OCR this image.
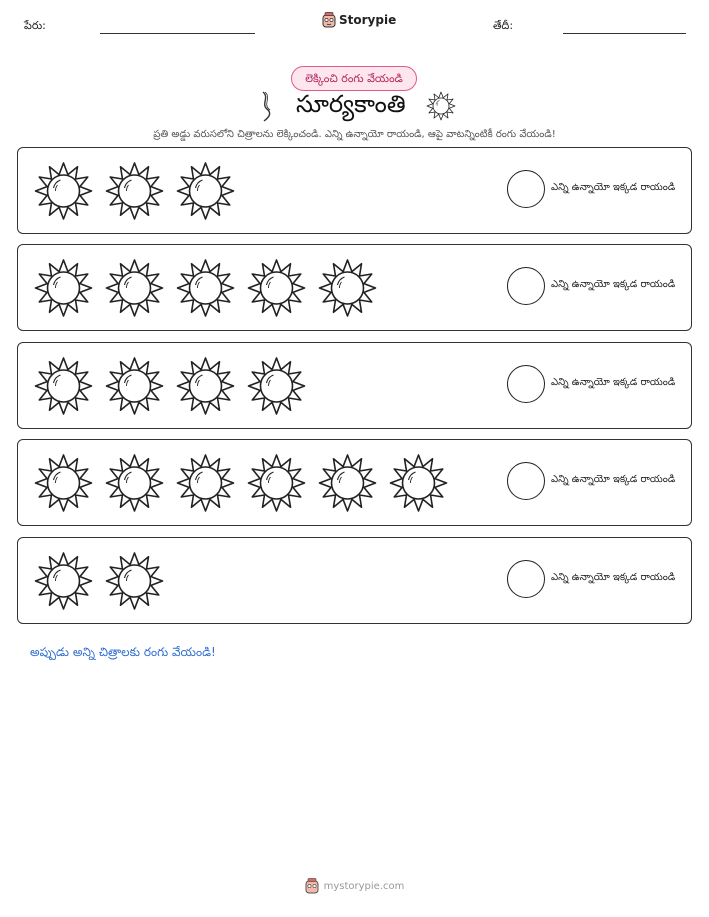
పేరు:	Storypie	తేదీ:
లెక్కించి రంగు వేయండి
సూర్యకాంతి
ప్రతి అడ్డు వరుసలోని చిత్రాలను లెక్కించండి. ఎన్ని ఉన్నాయో రాయండి, ఆపై వాటన్నింటికీ రంగు వేయండి!
ఎన్ని ఉన్నాయో ఇక్కడ రాయండి
ఎన్ని ఉన్నాయో ఇక్కడ రాయండి
ఎన్ని ఉన్నాయో ఇక్కడ రాయండి
ఎన్ని ఉన్నాయో ఇక్కడ రాయండి
ఎన్ని ఉన్నాయో ఇక్కడ రాయండి
అప్పుడు అన్ని చిత్రాలకు రంగు వేయండి!
mystorypie.com
